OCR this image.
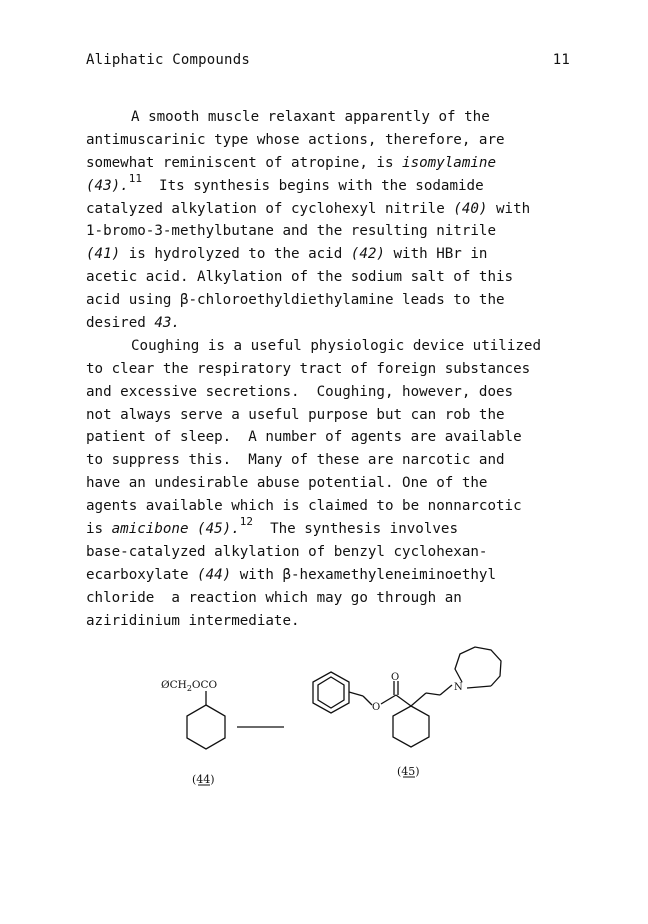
Aliphatic Compounds	11
A smooth muscle relaxant apparently of the
antimuscarinic type whose actions, therefore, are
somewhat reminiscent of atropine, is isomylamine
(43).$^{11}$  Its synthesis begins with the sodamide
catalyzed alkylation of cyclohexyl nitrile (40) with
1-bromo-3-methylbutane and the resulting nitrile
(41) is hydrolyzed to the acid (42) with HBr in
acetic acid. Alkylation of the sodium salt of this
acid using β-chloroethyldiethylamine leads to the
desired 43.
Coughing is a useful physiologic device utilized
to clear the respiratory tract of foreign substances
and excessive secretions.  Coughing, however, does
not always serve a useful purpose but can rob the
patient of sleep.  A number of agents are available
to suppress this.  Many of these are narcotic and
have an undesirable abuse potential. One of the
agents available which is claimed to be nonnarcotic
is amicibone (45).$^{12}$  The synthesis involves
base-catalyzed alkylation of benzyl cyclohexan-
ecarboxylate (44) with β-hexamethyleneiminoethyl
chloride  a reaction which may go through an
aziridinium intermediate.
$ØCH_2OCO$
O
O
N
(44)
(45)
